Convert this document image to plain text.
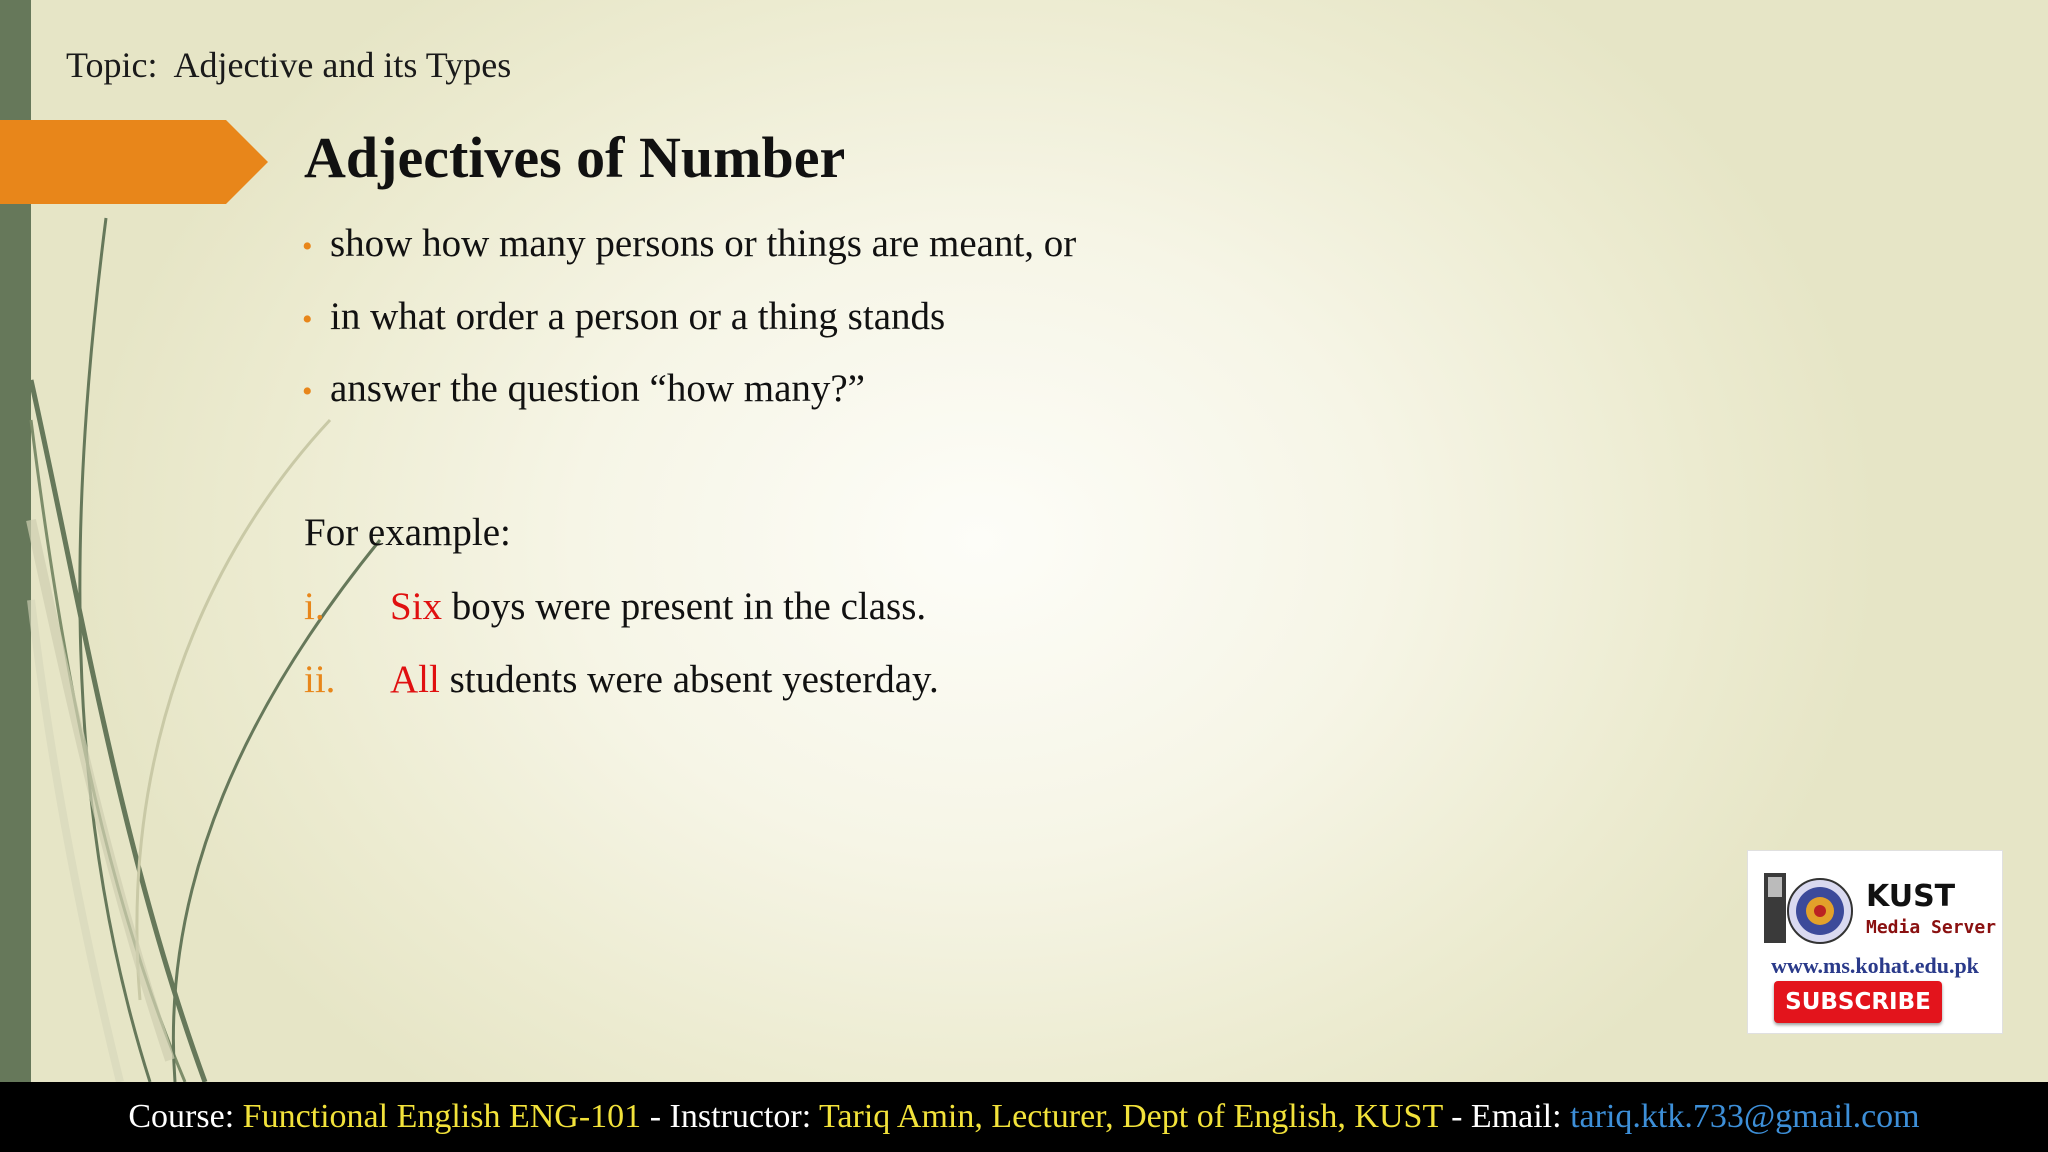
Topic:  Adjective and its Types
Adjectives of Number
• show how many persons or things are meant, or
• in what order a person or a thing stands
• answer the question “how many?”
For example:
i. Six boys were present in the class.
ii. All students were absent yesterday.
KUST
Media Server
www.ms.kohat.edu.pk
SUBSCRIBE
Course: Functional English ENG-101 - Instructor: Tariq Amin, Lecturer, Dept of English, KUST - Email: tariq.ktk.733@gmail.com
